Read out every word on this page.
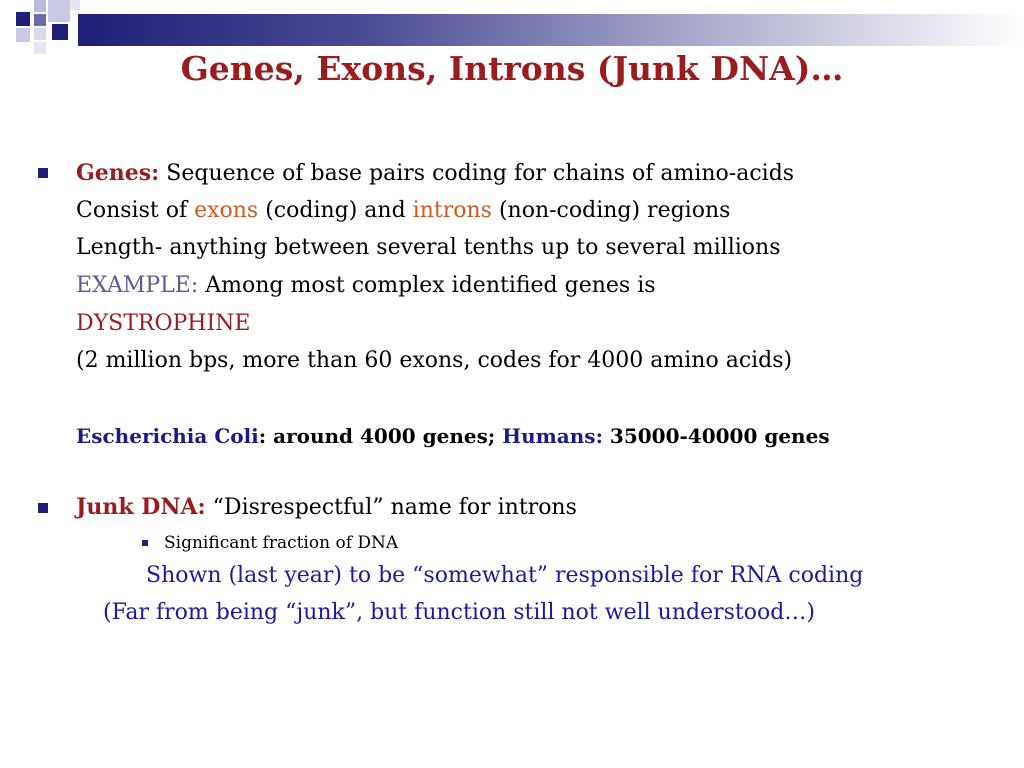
Genes, Exons, Introns (Junk DNA)…
Genes: Sequence of base pairs coding for chains of amino-acids
Consist of exons (coding) and introns (non-coding) regions
Length- anything between several tenths up to several millions
EXAMPLE: Among most complex identified genes is
DYSTROPHINE
(2 million bps, more than 60 exons, codes for 4000 amino acids)
Escherichia Coli: around 4000 genes; Humans: 35000-40000 genes
Junk DNA: “Disrespectful” name for introns
Significant fraction of DNA
Shown (last year) to be “somewhat” responsible for RNA coding
(Far from being “junk”, but function still not well understood…)
